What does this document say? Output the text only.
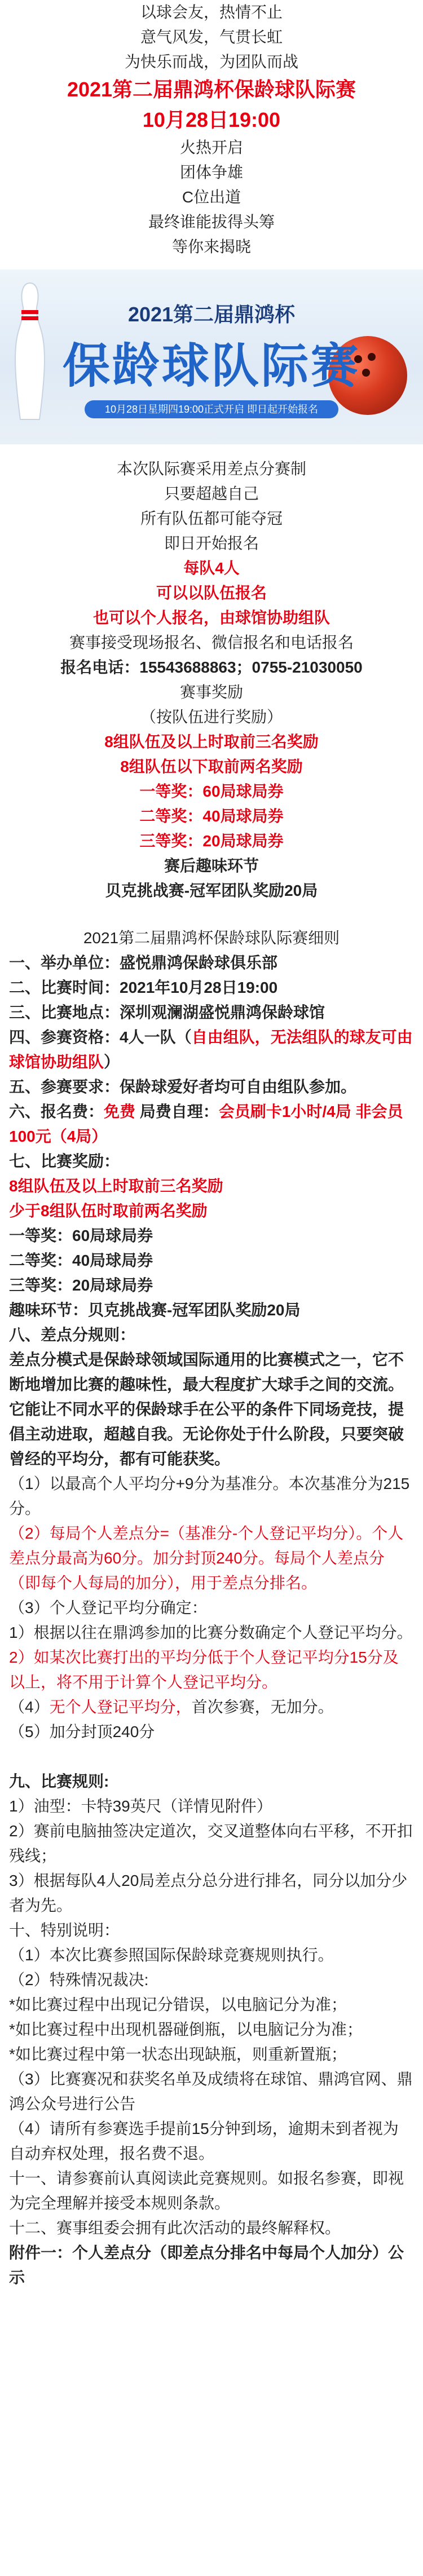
以球会友，热情不止
意气风发，气贯长虹
为快乐而战，为团队而战
2021第二届鼎鸿杯保龄球队际赛
10月28日19:00
火热开启
团体争雄
C位出道
最终谁能拔得头筹
等你来揭晓
2021第二届鼎鸿杯
保龄球队际赛
10月28日星期四19:00正式开启 即日起开始报名
本次队际赛采用差点分赛制
只要超越自己
所有队伍都可能夺冠
即日开始报名
每队4人
可以以队伍报名
也可以个人报名，由球馆协助组队
赛事接受现场报名、微信报名和电话报名
报名电话：15543688863；0755-21030050
赛事奖励
（按队伍进行奖励）
8组队伍及以上时取前三名奖励
8组队伍以下取前两名奖励
一等奖：60局球局券
二等奖：40局球局券
三等奖：20局球局券
赛后趣味环节
贝克挑战赛-冠军团队奖励20局
2021第二届鼎鸿杯保龄球队际赛细则
一、举办单位：盛悦鼎鸿保龄球俱乐部
二、比赛时间：2021年10月28日19:00
三、比赛地点：深圳观澜湖盛悦鼎鸿保龄球馆
四、参赛资格：4人一队（自由组队，无法组队的球友可由球馆协助组队）
五、参赛要求：保龄球爱好者均可自由组队参加。
六、报名费：免费 局费自理：会员刷卡1小时/4局 非会员100元（4局）
七、比赛奖励：
8组队伍及以上时取前三名奖励
少于8组队伍时取前两名奖励
一等奖：60局球局券
二等奖：40局球局券
三等奖：20局球局券
趣味环节：贝克挑战赛-冠军团队奖励20局
八、差点分规则：
差点分模式是保龄球领域国际通用的比赛模式之一，它不断地增加比赛的趣味性，最大程度扩大球手之间的交流。它能让不同水平的保龄球手在公平的条件下同场竞技，提倡主动进取，超越自我。无论你处于什么阶段，只要突破曾经的平均分，都有可能获奖。
（1）以最高个人平均分+9分为基准分。本次基准分为215分。
（2）每局个人差点分=（基准分-个人登记平均分）。个人差点分最高为60分。加分封顶240分。每局个人差点分（即每个人每局的加分），用于差点分排名。
（3）个人登记平均分确定：
1）根据以往在鼎鸿参加的比赛分数确定个人登记平均分。
2）如某次比赛打出的平均分低于个人登记平均分15分及以上，将不用于计算个人登记平均分。
（4）无个人登记平均分，首次参赛，无加分。
（5）加分封顶240分
九、比赛规则:
1）油型：卡特39英尺（详情见附件）
2）赛前电脑抽签决定道次，交叉道整体向右平移，不开扣残线；
3）根据每队4人20局差点分总分进行排名，同分以加分少者为先。
十、特别说明：
（1）本次比赛参照国际保龄球竞赛规则执行。
（2）特殊情况裁决:
*如比赛过程中出现记分错误，以电脑记分为准；
*如比赛过程中出现机器碰倒瓶，以电脑记分为准；
*如比赛过程中第一状态出现缺瓶，则重新置瓶；
（3）比赛赛况和获奖名单及成绩将在球馆、鼎鸿官网、鼎鸿公众号进行公告
（4）请所有参赛选手提前15分钟到场，逾期未到者视为自动弃权处理，报名费不退。
十一、请参赛前认真阅读此竞赛规则。如报名参赛，即视为完全理解并接受本规则条款。
十二、赛事组委会拥有此次活动的最终解释权。
附件一：个人差点分（即差点分排名中每局个人加分）公示
